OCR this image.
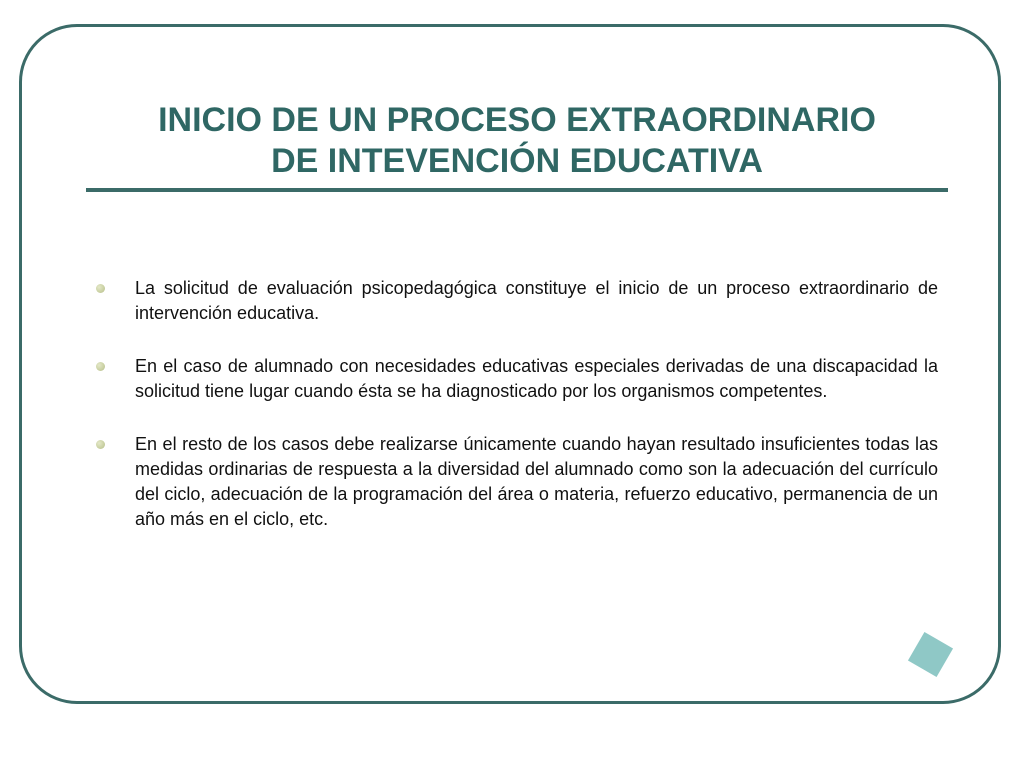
INICIO DE UN PROCESO EXTRAORDINARIO
DE INTEVENCIÓN EDUCATIVA
La solicitud de evaluación psicopedagógica constituye el inicio de un proceso extraordinario de intervención educativa.
En el caso de alumnado con necesidades educativas especiales derivadas de una discapacidad la solicitud tiene lugar cuando ésta se ha diagnosticado por los organismos competentes.
En el resto de los casos debe realizarse únicamente cuando hayan resultado insuficientes todas las medidas ordinarias de respuesta a la diversidad del alumnado como son la adecuación del currículo del ciclo, adecuación de la programación del área o materia, refuerzo educativo, permanencia de un año más en el ciclo, etc.
